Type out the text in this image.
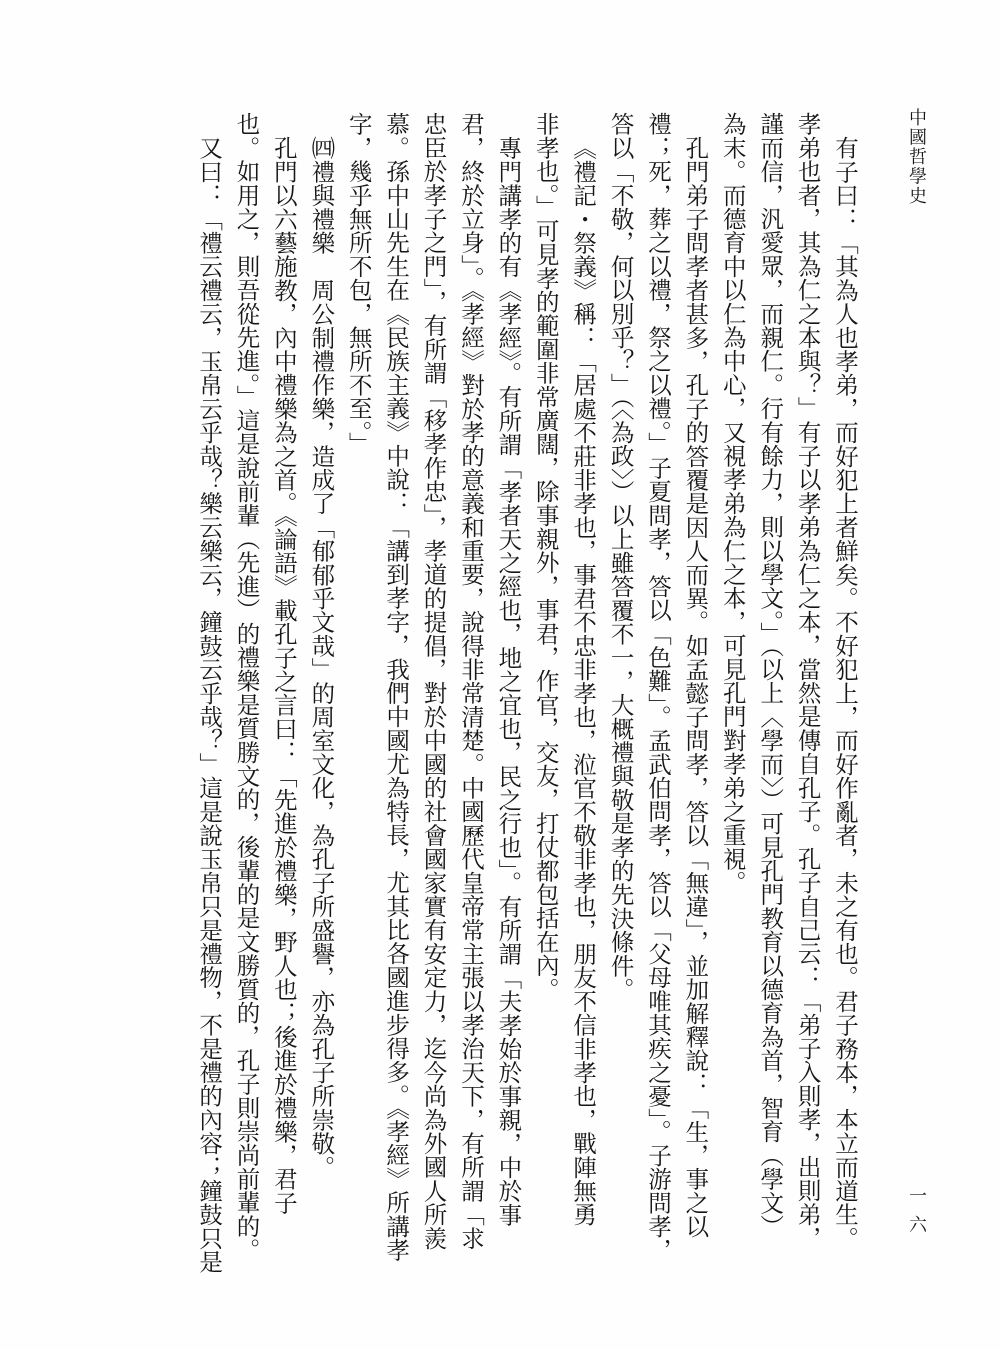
中國哲學史
有子曰：「其為人也孝弟，而好犯上者鮮矣。不好犯上，而好作亂者，未之有也。君子務本，本立而道生。
孝弟也者，其為仁之本與？」有子以孝弟為仁之本，當然是傳自孔子。孔子自己云：「弟子入則孝，出則弟，
謹而信，汎愛眾，而親仁。行有餘力，則以學文。」（以上〈學而〉）可見孔門教育以德育為首，智育（學文）
為末。而德育中以仁為中心，又視孝弟為仁之本，可見孔門對孝弟之重視。
孔門弟子問孝者甚多，孔子的答覆是因人而異。如孟懿子問孝，答以「無違」，並加解釋說：「生，事之以
禮；死，葬之以禮，祭之以禮。」子夏問孝，答以「色難」。孟武伯問孝，答以「父母唯其疾之憂」。子游問孝，
答以「不敬，何以別乎？」（〈為政〉）以上雖答覆不一，大概禮與敬是孝的先決條件。
《禮記・祭義》稱：「居處不莊非孝也，事君不忠非孝也，涖官不敬非孝也，朋友不信非孝也，戰陣無勇
非孝也。」可見孝的範圍非常廣闊，除事親外，事君，作官，交友，打仗都包括在內。
專門講孝的有《孝經》。有所謂「孝者天之經也，地之宜也，民之行也」。有所謂「夫孝始於事親，中於事
君，終於立身」。《孝經》對於孝的意義和重要，說得非常清楚。中國歷代皇帝常主張以孝治天下，有所謂「求
忠臣於孝子之門」，有所謂「移孝作忠」，孝道的提倡，對於中國的社會國家實有安定力，迄今尚為外國人所羨
慕。孫中山先生在《民族主義》中說：「講到孝字，我們中國尤為特長，尤其比各國進步得多。《孝經》所講孝
字，幾乎無所不包，無所不至。」
㈣禮與禮樂　周公制禮作樂，造成了「郁郁乎文哉」的周室文化，為孔子所盛譽，亦為孔子所崇敬。
孔門以六藝施教，內中禮樂為之首。《論語》載孔子之言曰：「先進於禮樂，野人也；後進於禮樂，君子
也。如用之，則吾從先進。」這是說前輩（先進）的禮樂是質勝文的，後輩的是文勝質的，孔子則崇尚前輩的。
又曰：「禮云禮云，玉帛云乎哉？樂云樂云，鐘鼓云乎哉？」這是說玉帛只是禮物，不是禮的內容；鐘鼓只是	一六
